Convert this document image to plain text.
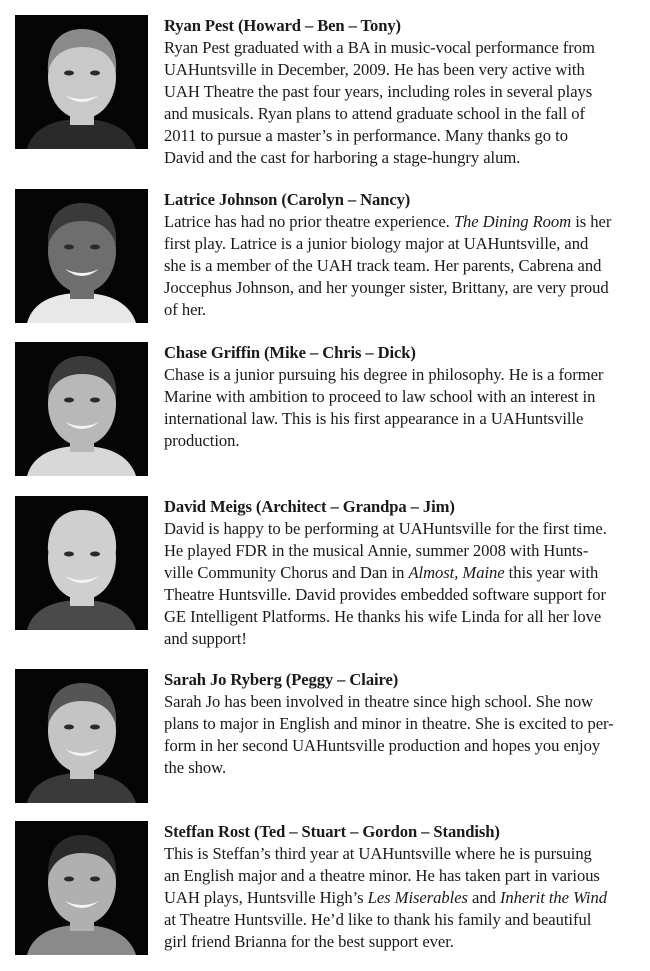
Ryan Pest (Howard – Ben – Tony)
Ryan Pest graduated with a BA in music-vocal performance from
UAHuntsville in December, 2009. He has been very active with
UAH Theatre the past four years, including roles in several plays
and musicals. Ryan plans to attend graduate school in the fall of
2011 to pursue a master’s in performance. Many thanks go to
David and the cast for harboring a stage-hungry alum.
Latrice Johnson (Carolyn – Nancy)
Latrice has had no prior theatre experience. The Dining Room is her
first play. Latrice is a junior biology major at UAHuntsville, and
she is a member of the UAH track team. Her parents, Cabrena and
Joccephus Johnson, and her younger sister, Brittany, are very proud
of her.
Chase Griffin (Mike – Chris – Dick)
Chase is a junior pursuing his degree in philosophy. He is a former
Marine with ambition to proceed to law school with an interest in
international law. This is his first appearance in a UAHuntsville
production.
David Meigs (Architect – Grandpa – Jim)
David is happy to be performing at UAHuntsville for the first time.
He played FDR in the musical Annie, summer 2008 with Hunts-
ville Community Chorus and Dan in Almost, Maine this year with
Theatre Huntsville. David provides embedded software support for
GE Intelligent Platforms. He thanks his wife Linda for all her love
and support!
Sarah Jo Ryberg (Peggy – Claire)
Sarah Jo has been involved in theatre since high school. She now
plans to major in English and minor in theatre. She is excited to per-
form in her second UAHuntsville production and hopes you enjoy
the show.
Steffan Rost (Ted – Stuart – Gordon – Standish)
This is Steffan’s third year at UAHuntsville where he is pursuing
an English major and a theatre minor. He has taken part in various
UAH plays, Huntsville High’s Les Miserables and Inherit the Wind
at Theatre Huntsville. He’d like to thank his family and beautiful
girl friend Brianna for the best support ever.
